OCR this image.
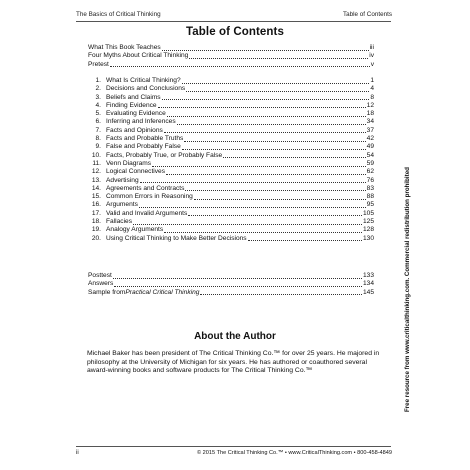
The Basics of Critical Thinking	Table of Contents
Table of Contents
What This Book Teaches	iii
Four Myths About Critical Thinking	iv
Pretest	v
1. What Is Critical Thinking?	1
2. Decisions and Conclusions	4
3. Beliefs and Claims	8
4. Finding Evidence	12
5. Evaluating Evidence	18
6. Inferring and Inferences	34
7. Facts and Opinions	37
8. Facts and Probable Truths	42
9. False and Probably False	49
10. Facts, Probably True, or Probably False	54
11. Venn Diagrams	59
12. Logical Connectives	62
13. Advertising	76
14. Agreements and Contracts	83
15. Common Errors in Reasoning	88
16. Arguments	95
17. Valid and Invalid Arguments	105
18. Fallacies	125
19. Analogy Arguments	128
20. Using Critical Thinking to Make Better Decisions	130
Posttest	133
Answers	134
Sample from Practical Critical Thinking	145	Free resource from www.criticalthinking.com. Commercial redistribution prohibited
About the Author
Michael Baker has been president of The Critical Thinking Co.™ for over 25 years. He majored in philosophy at the University of Michigan for six years. He has authored or coauthored several award-winning books and software products for The Critical Thinking Co.™
ii	© 2015 The Critical Thinking Co.™ • www.CriticalThinking.com • 800-458-4849
